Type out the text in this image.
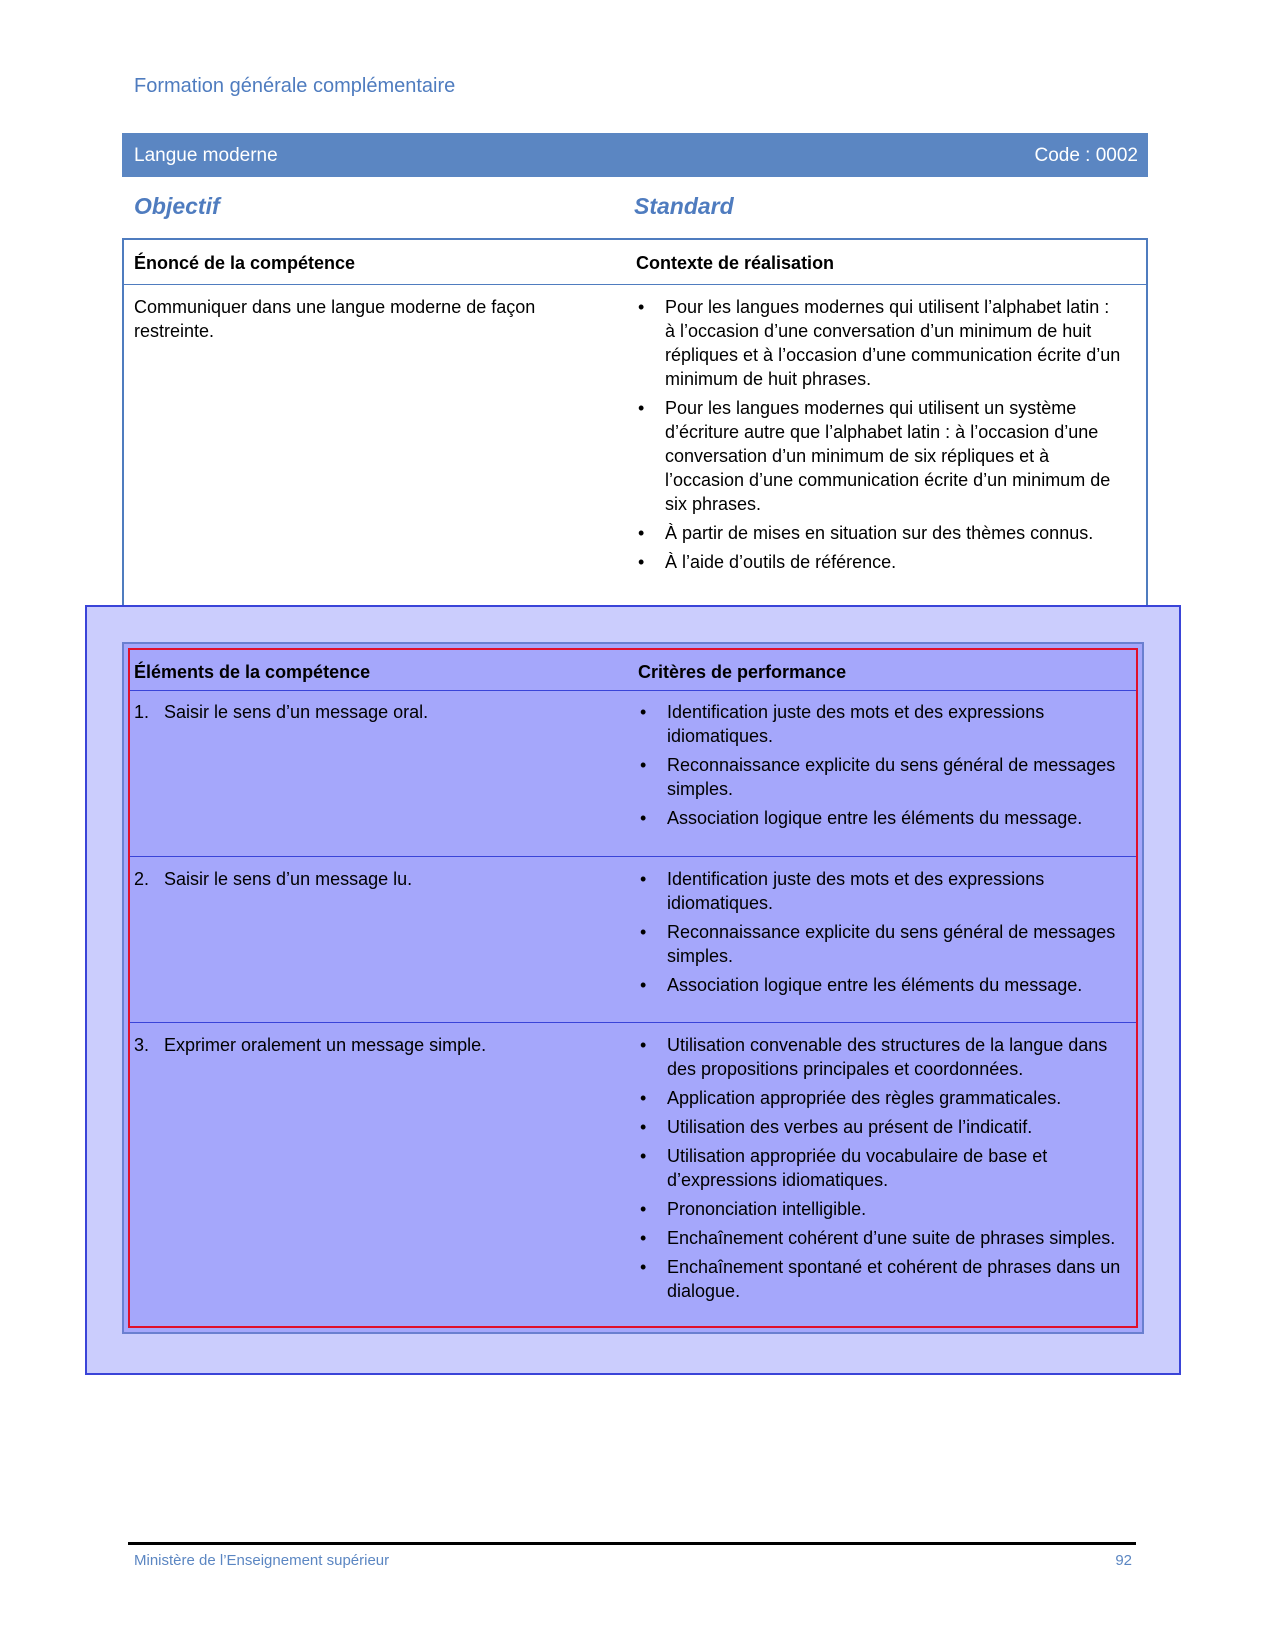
Formation générale complémentaire
Langue moderne	Code : 0002
Objectif	Standard
Énoncé de la compétence	Contexte de réalisation
Communiquer dans une langue moderne de façon restreinte.
• Pour les langues modernes qui utilisent l’alphabet latin : à l’occasion d’une conversation d’un minimum de huit répliques et à l’occasion d’une communication écrite d’un minimum de huit phrases.
• Pour les langues modernes qui utilisent un système d’écriture autre que l’alphabet latin : à l’occasion d’une conversation d’un minimum de six répliques et à l’occasion d’une communication écrite d’un minimum de six phrases.
• À partir de mises en situation sur des thèmes connus.
• À l’aide d’outils de référence.
Éléments de la compétence	Critères de performance
1. Saisir le sens d’un message oral.	• Identification juste des mots et des expressions idiomatiques.
• Reconnaissance explicite du sens général de messages simples.
• Association logique entre les éléments du message.
2. Saisir le sens d’un message lu.	• Identification juste des mots et des expressions idiomatiques.
• Reconnaissance explicite du sens général de messages simples.
• Association logique entre les éléments du message.
3. Exprimer oralement un message simple.	• Utilisation convenable des structures de la langue dans des propositions principales et coordonnées.
• Application appropriée des règles grammaticales.
• Utilisation des verbes au présent de l’indicatif.
• Utilisation appropriée du vocabulaire de base et d’expressions idiomatiques.
• Prononciation intelligible.
• Enchaînement cohérent d’une suite de phrases simples.
• Enchaînement spontané et cohérent de phrases dans un dialogue.
Ministère de l’Enseignement supérieur	92
